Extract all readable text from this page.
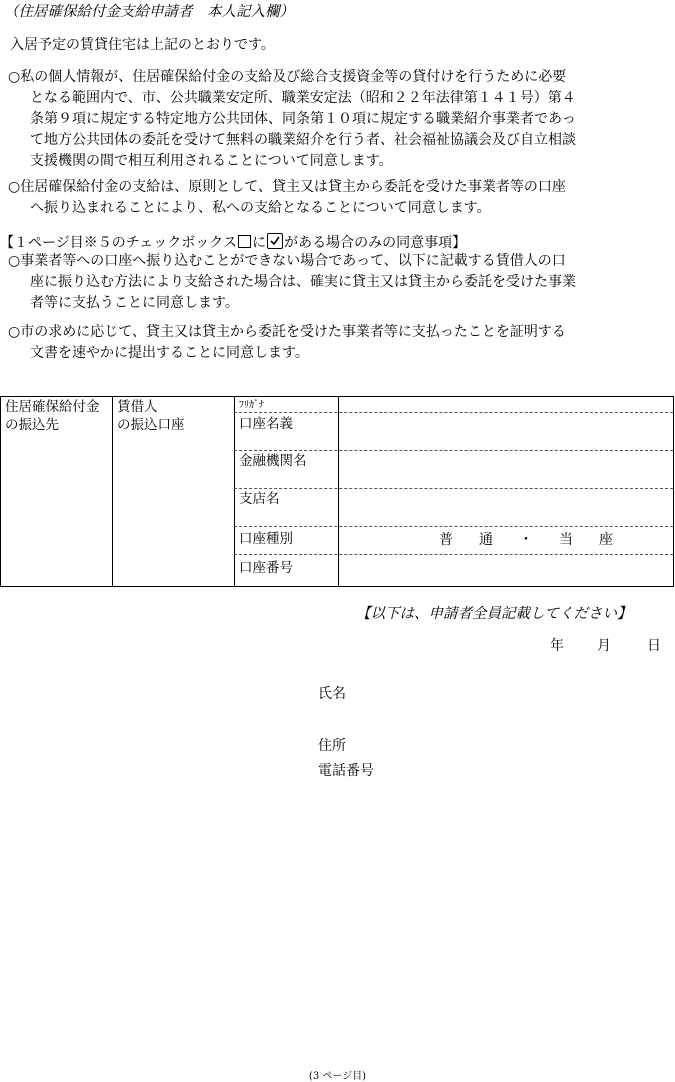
（住居確保給付金支給申請者　本人記入欄）
入居予定の賃貸住宅は上記のとおりです。
○私の個人情報が、住居確保給付金の支給及び総合支援資金等の貸付けを行うために必要
となる範囲内で、市、公共職業安定所、職業安定法（昭和２２年法律第１４１号）第４
条第９項に規定する特定地方公共団体、同条第１０項に規定する職業紹介事業者であっ
て地方公共団体の委託を受けて無料の職業紹介を行う者、社会福祉協議会及び自立相談
支援機関の間で相互利用されることについて同意します。
○住居確保給付金の支給は、原則として、貸主又は貸主から委託を受けた事業者等の口座
へ振り込まれることにより、私への支給となることについて同意します。
【１ページ目※５のチェックボックス に がある場合のみの同意事項】
○事業者等への口座へ振り込むことができない場合であって、以下に記載する賃借人の口
座に振り込む方法により支給された場合は、確実に貸主又は貸主から委託を受けた事業
者等に支払うことに同意します。
○市の求めに応じて、貸主又は貸主から委託を受けた事業者等に支払ったことを証明する
文書を速やかに提出することに同意します。
住居確保給付金
の振込先
賃借人
の振込口座
ﾌﾘｶﾞﾅ
口座名義
金融機関名
支店名
口座種別	普　通　・　当　座
口座番号
【以下は、申請者全員記載してください】
年 月	日
氏名
住所
電話番号
(3 ページ目)
